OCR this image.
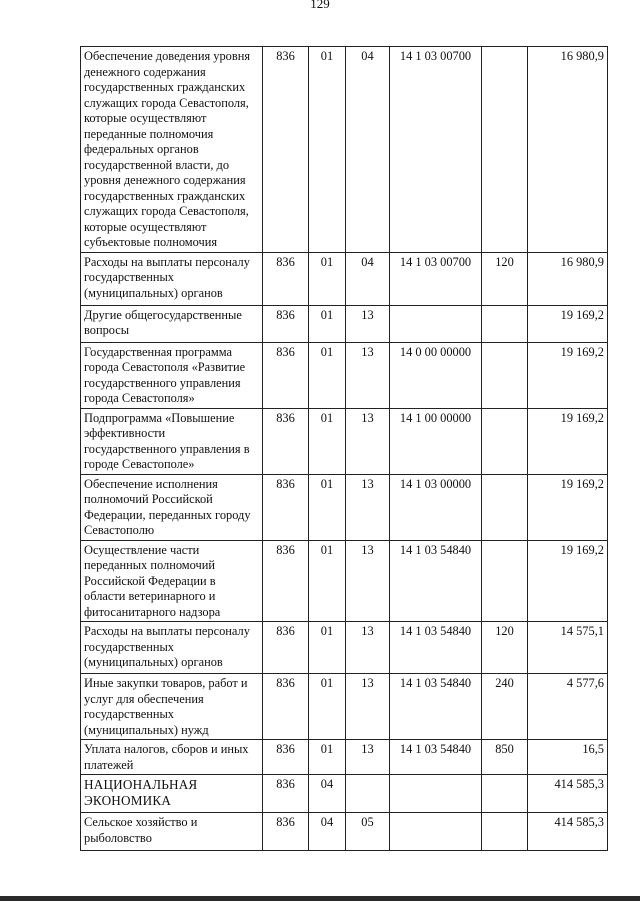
129
Обеспечение доведения уровня денежного содержания государственных гражданских служащих города Севастополя, которые осуществляют переданные полномочия федеральных органов государственной власти, до уровня денежного содержания государственных гражданских служащих города Севастополя, которые осуществляют субъектовые полномочия	836	01	04	14 1 03 00700		16 980,9
Расходы на выплаты персоналу государственных (муниципальных) органов	836	01	04	14 1 03 00700	120	16 980,9
Другие общегосударственные вопросы	836	01	13			19 169,2
Государственная программа города Севастополя «Развитие государственного управления города Севастополя»	836	01	13	14 0 00 00000		19 169,2
Подпрограмма «Повышение эффективности государственного управления в городе Севастополе»	836	01	13	14 1 00 00000		19 169,2
Обеспечение исполнения полномочий Российской Федерации, переданных городу Севастополю	836	01	13	14 1 03 00000		19 169,2
Осуществление части переданных полномочий Российской Федерации в области ветеринарного и фитосанитарного надзора	836	01	13	14 1 03 54840		19 169,2
Расходы на выплаты персоналу государственных (муниципальных) органов	836	01	13	14 1 03 54840	120	14 575,1
Иные закупки товаров, работ и услуг для обеспечения государственных (муниципальных) нужд	836	01	13	14 1 03 54840	240	4 577,6
Уплата налогов, сборов и иных платежей	836	01	13	14 1 03 54840	850	16,5
НАЦИОНАЛЬНАЯ ЭКОНОМИКА	836	04				414 585,3
Сельское хозяйство и рыболовство	836	04	05			414 585,3
